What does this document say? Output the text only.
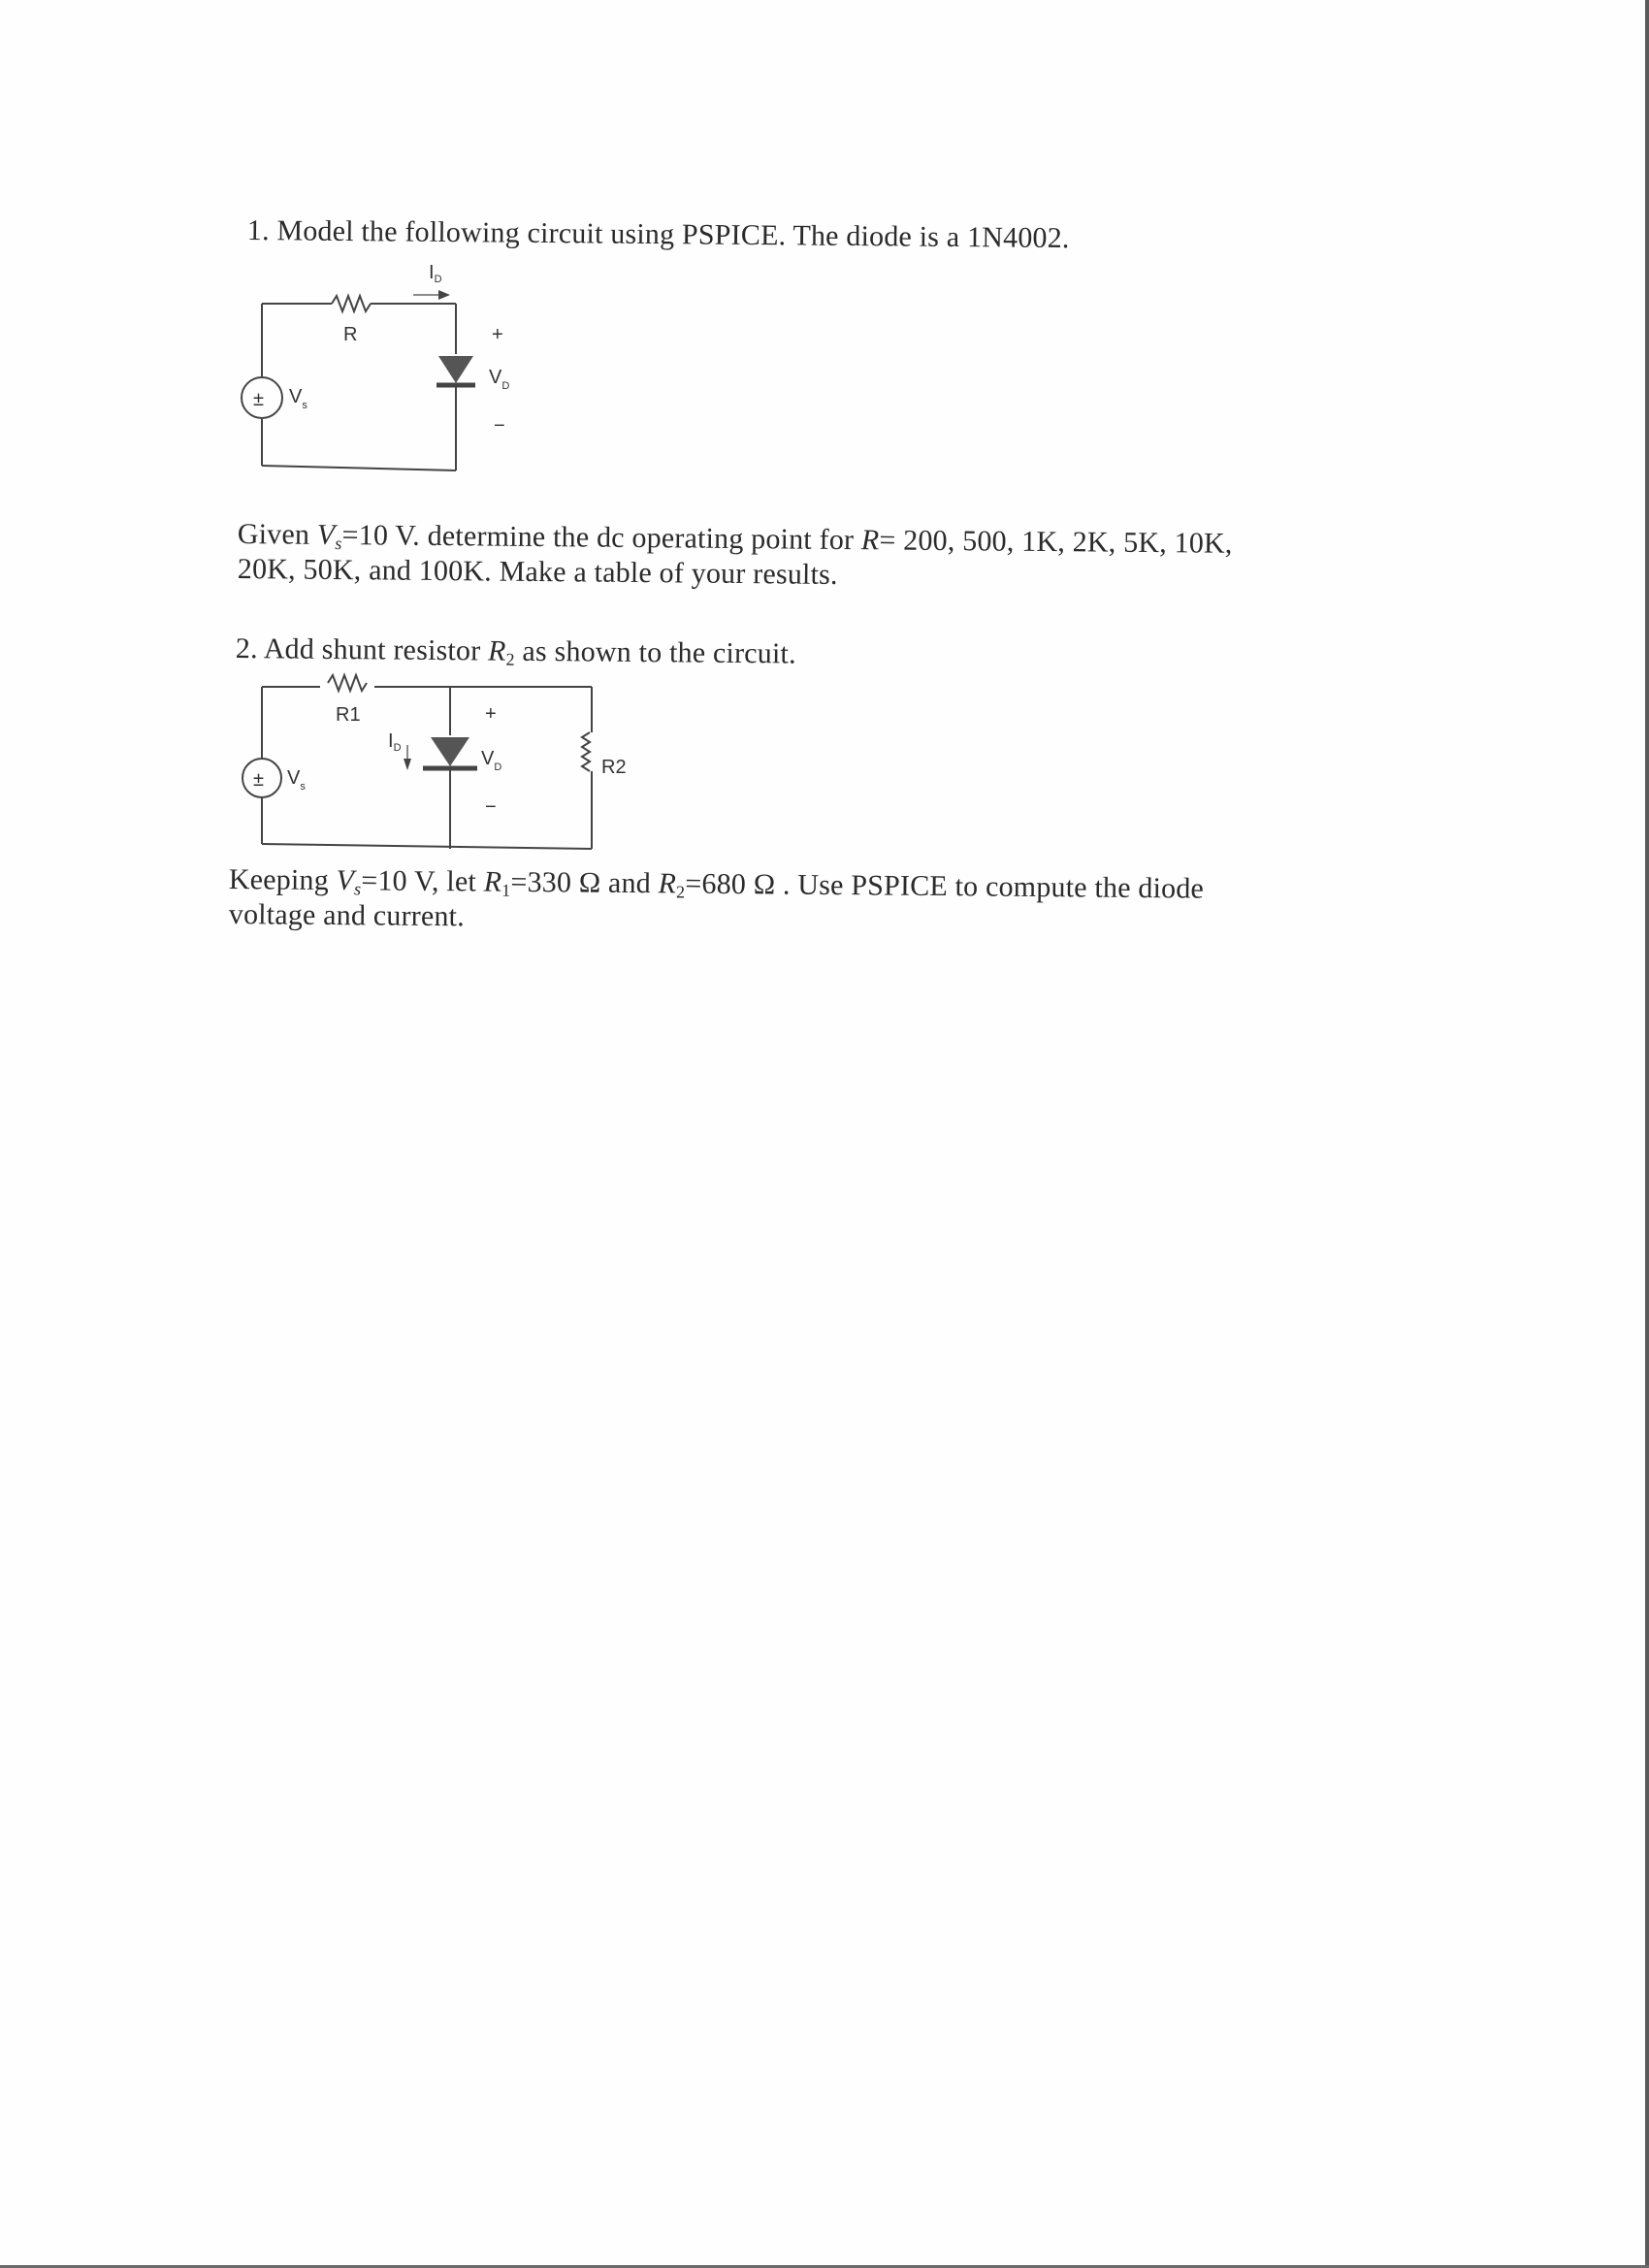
1. Model the following circuit using PSPICE. The diode is a 1N4002.
$I_D$
R
± $V_s$
+
$V_D$
−
Given $V_s=10$ V. determine the dc operating point for R= 200, 500, 1K, 2K, 5K, 10K,
20K, 50K, and 100K. Make a table of your results.
2. Add shunt resistor $R_2$ as shown to the circuit.
R1
$I_D$
± $V_s$
+
$V_D$
−
R2
Keeping $V_s=10$ V, let $R_1=330$ Ω and $R_2=680$ Ω . Use PSPICE to compute the diode
voltage and current.
